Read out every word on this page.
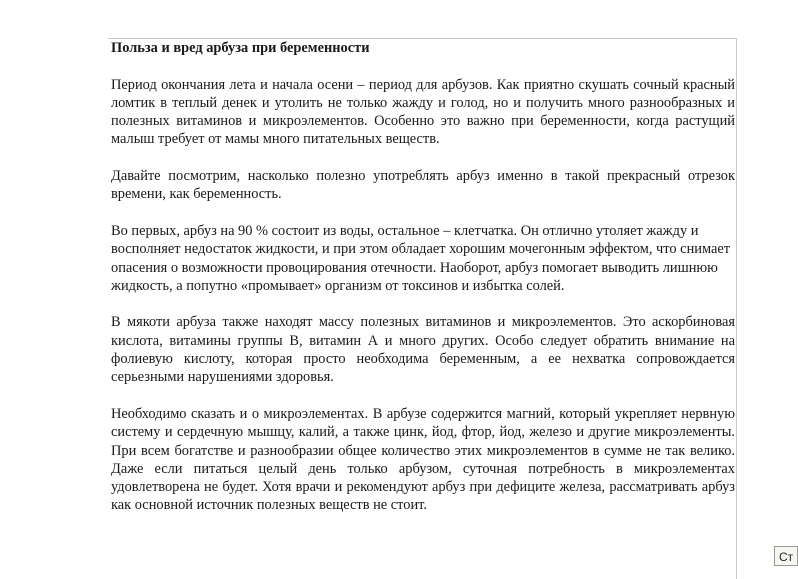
Польза и вред арбуза при беременности

Период окончания лета и начала осени – период для арбузов. Как приятно скушать сочный красный ломтик в теплый денек и утолить не только жажду и голод, но и получить много разнообразных и полезных витаминов и микроэлементов. Особенно это важно при беременности, когда растущий малыш требует от мамы много питательных веществ.

Давайте посмотрим, насколько полезно употреблять арбуз именно в такой прекрасный отрезок времени, как беременность.

Во первых, арбуз на 90 % состоит из воды, остальное – клетчатка. Он отлично утоляет жажду и восполняет недостаток жидкости, и при этом обладает хорошим мочегонным эффектом, что снимает опасения о возможности провоцирования отечности. Наоборот, арбуз помогает выводить лишнюю жидкость, а попутно «промывает» организм от токсинов и избытка солей.

В мякоти арбуза также находят массу полезных витаминов и микроэлементов. Это аскорбиновая кислота, витамины группы В, витамин А и много других. Особо следует обратить внимание на фолиевую кислоту, которая просто необходима беременным, а ее нехватка сопровождается серьезными нарушениями здоровья.

Необходимо сказать и о микроэлементах. В арбузе содержится магний, который укрепляет нервную систему и сердечную мышцу, калий, а также цинк, йод, фтор, йод, железо и другие микроэлементы. При всем богатстве и разнообразии общее количество этих микроэлементов в сумме не так велико. Даже если питаться целый день только арбузом, суточная потребность в микроэлементах удовлетворена не будет. Хотя врачи и рекомендуют арбуз при дефиците железа, рассматривать арбуз как основной источник полезных веществ не стоит.

Ст
